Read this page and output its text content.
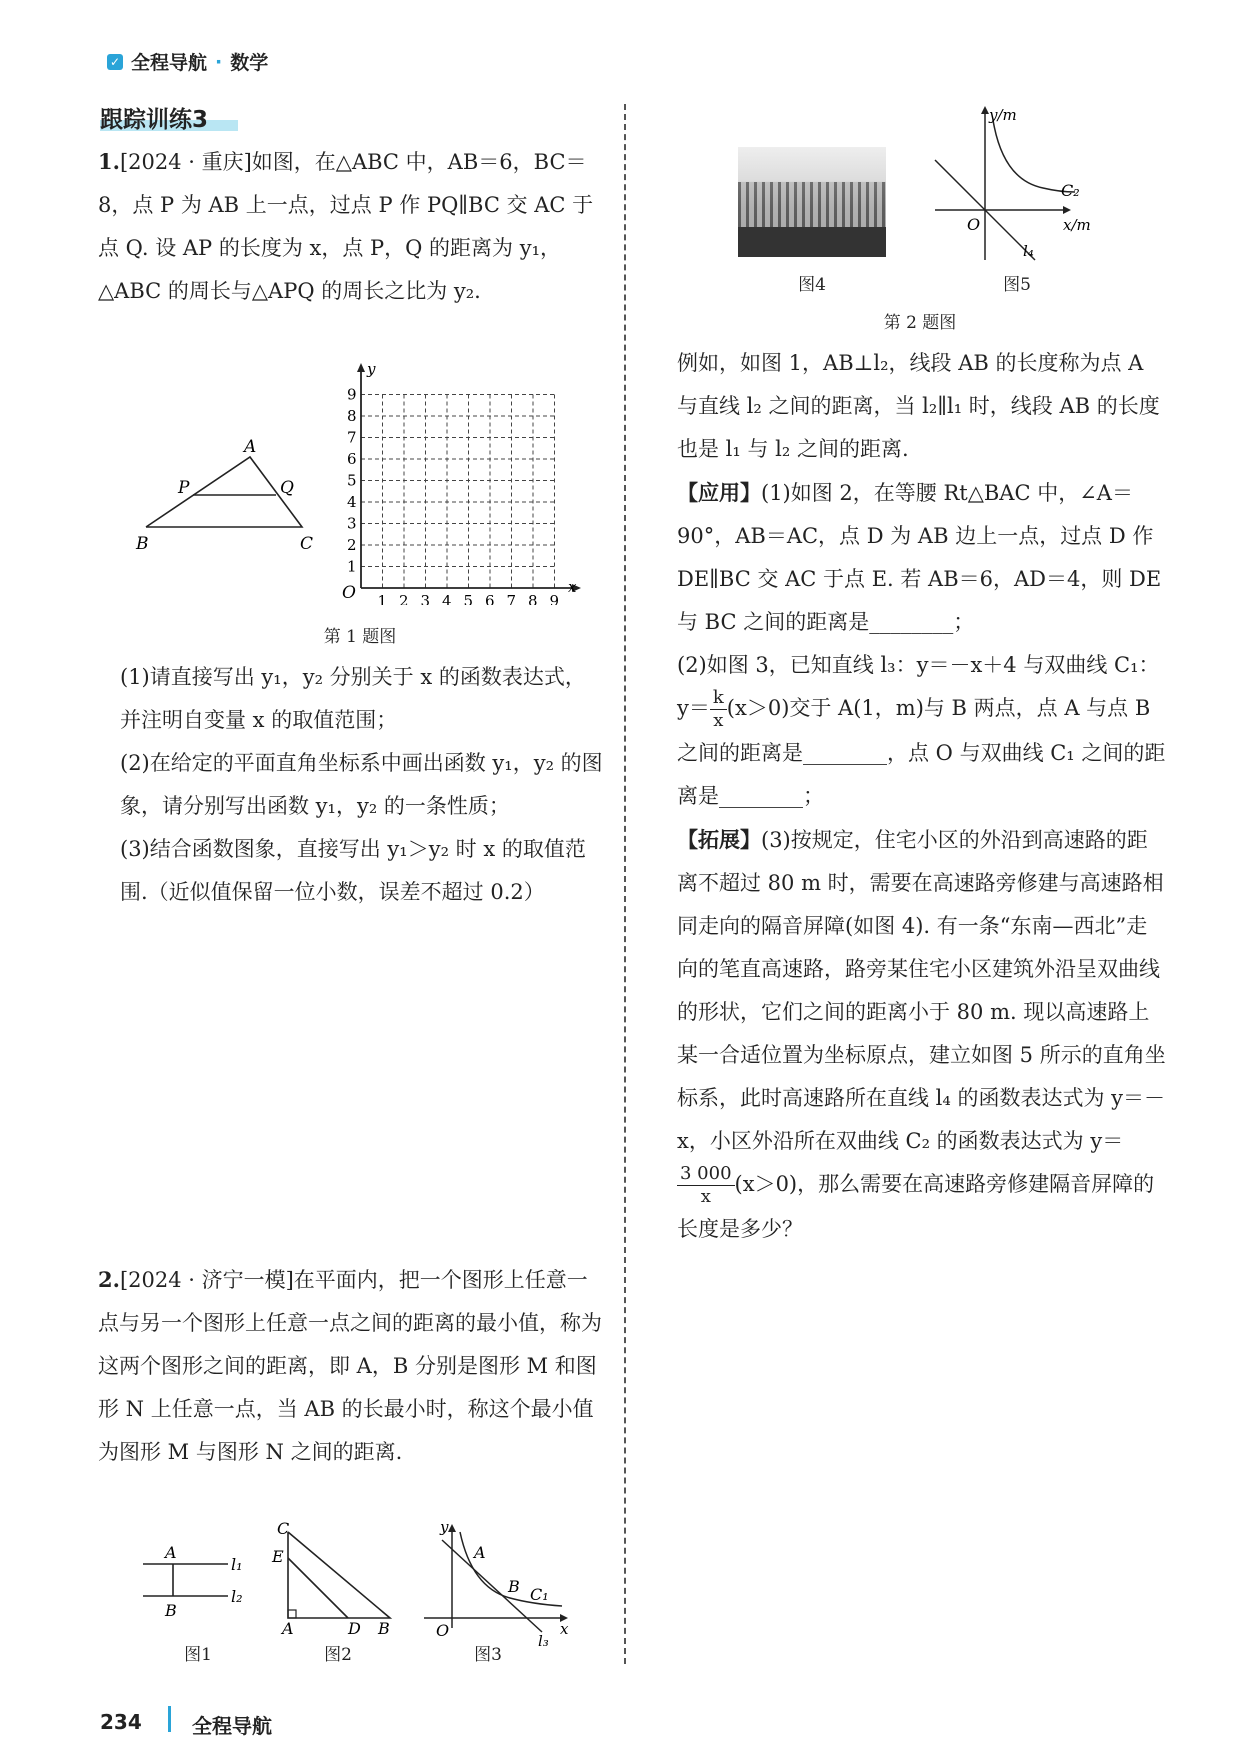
✓ 全程导航 · 数学
跟踪训练3
1.[2024 · 重庆]如图，在△ABC 中，AB＝6，BC＝8，点 P 为 AB 上一点，过点 P 作 PQ∥BC 交 AC 于点 Q. 设 AP 的长度为 x，点 P，Q 的距离为 y₁，△ABC 的周长与△APQ 的周长之比为 y₂.
A
P	Q
B	C
y
x
O 1 2 3 4 5 6 7 8 9
1
2
3
4
5
6
7
8
9
第 1 题图
(1)请直接写出 y₁，y₂ 分别关于 x 的函数表达式，并注明自变量 x 的取值范围；
(2)在给定的平面直角坐标系中画出函数 y₁，y₂ 的图象，请分别写出函数 y₁，y₂ 的一条性质；
(3)结合函数图象，直接写出 y₁＞y₂ 时 x 的取值范围.（近似值保留一位小数，误差不超过 0.2）
2.[2024 · 济宁一模]在平面内，把一个图形上任意一点与另一个图形上任意一点之间的距离的最小值，称为这两个图形之间的距离，即 A，B 分别是图形 M 和图形 N 上任意一点，当 AB 的长最小时，称这个最小值为图形 M 与图形 N 之间的距离.
A
B
l₁
l₂
图1
C
E
A	D B
图2
y
x
O
A
B C₁
l₃
图3
图4
y/m
x/m
O
C₂
l₄
图5
第 2 题图
例如，如图 1，AB⊥l₂，线段 AB 的长度称为点 A 与直线 l₂ 之间的距离，当 l₂∥l₁ 时，线段 AB 的长度也是 l₁ 与 l₂ 之间的距离.
【应用】(1)如图 2，在等腰 Rt△BAC 中，∠A＝90°，AB＝AC，点 D 为 AB 边上一点，过点 D 作 DE∥BC 交 AC 于点 E. 若 AB＝6，AD＝4，则 DE 与 BC 之间的距离是________；
(2)如图 3，已知直线 l₃：y＝－x＋4 与双曲线 C₁：$y= \frac{k}{x} (x>0)$交于 A(1，m)与 B 两点，点 A 与点 B 之间的距离是________，点 O 与双曲线 C₁ 之间的距离是________；
【拓展】(3)按规定，住宅小区的外沿到高速路的距离不超过 80 m 时，需要在高速路旁修建与高速路相同走向的隔音屏障(如图 4). 有一条“东南—西北”走向的笔直高速路，路旁某住宅小区建筑外沿呈双曲线的形状，它们之间的距离小于 80 m. 现以高速路上某一合适位置为坐标原点，建立如图 5 所示的直角坐标系，此时高速路所在直线 l₄ 的函数表达式为 y＝－x，小区外沿所在双曲线 C₂ 的函数表达式为 y＝
$\frac{3 000}{x} (x>0)$，那么需要在高速路旁修建隔音屏障的长度是多少？
234	全程导航
